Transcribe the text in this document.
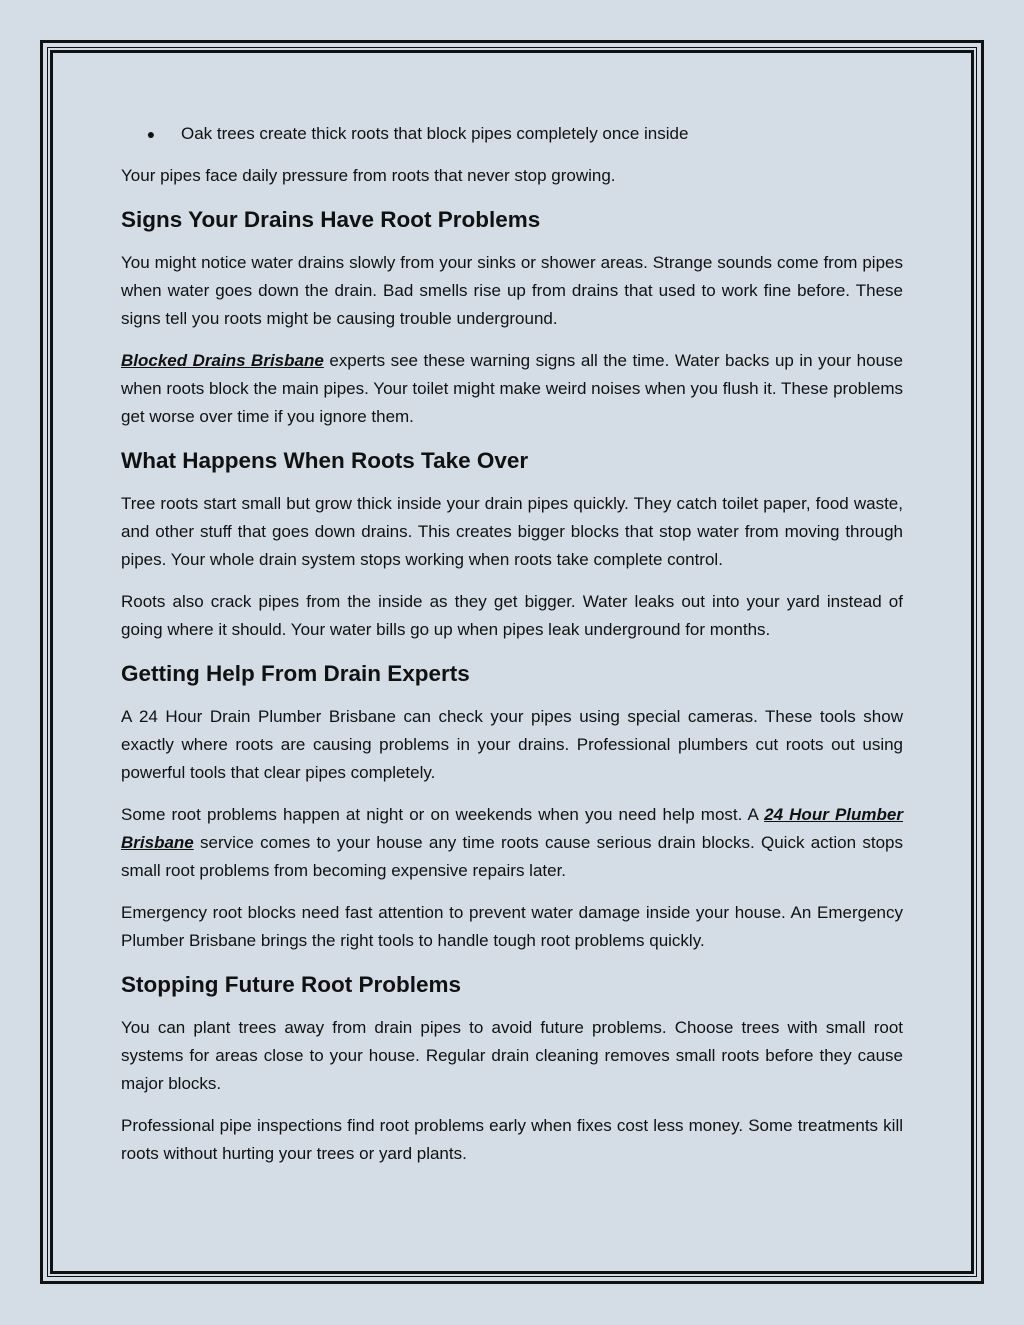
●	Oak trees create thick roots that block pipes completely once inside

Your pipes face daily pressure from roots that never stop growing.

Signs Your Drains Have Root Problems

You might notice water drains slowly from your sinks or shower areas. Strange sounds come from pipes when water goes down the drain. Bad smells rise up from drains that used to work fine before. These signs tell you roots might be causing trouble underground.

Blocked Drains Brisbane experts see these warning signs all the time. Water backs up in your house when roots block the main pipes. Your toilet might make weird noises when you flush it. These problems get worse over time if you ignore them.

What Happens When Roots Take Over

Tree roots start small but grow thick inside your drain pipes quickly. They catch toilet paper, food waste, and other stuff that goes down drains. This creates bigger blocks that stop water from moving through pipes. Your whole drain system stops working when roots take complete control.

Roots also crack pipes from the inside as they get bigger. Water leaks out into your yard instead of going where it should. Your water bills go up when pipes leak underground for months.

Getting Help From Drain Experts

A 24 Hour Drain Plumber Brisbane can check your pipes using special cameras. These tools show exactly where roots are causing problems in your drains. Professional plumbers cut roots out using powerful tools that clear pipes completely.

Some root problems happen at night or on weekends when you need help most. A 24 Hour Plumber Brisbane service comes to your house any time roots cause serious drain blocks. Quick action stops small root problems from becoming expensive repairs later.

Emergency root blocks need fast attention to prevent water damage inside your house. An Emergency Plumber Brisbane brings the right tools to handle tough root problems quickly.

Stopping Future Root Problems

You can plant trees away from drain pipes to avoid future problems. Choose trees with small root systems for areas close to your house. Regular drain cleaning removes small roots before they cause major blocks.

Professional pipe inspections find root problems early when fixes cost less money. Some treatments kill roots without hurting your trees or yard plants.
